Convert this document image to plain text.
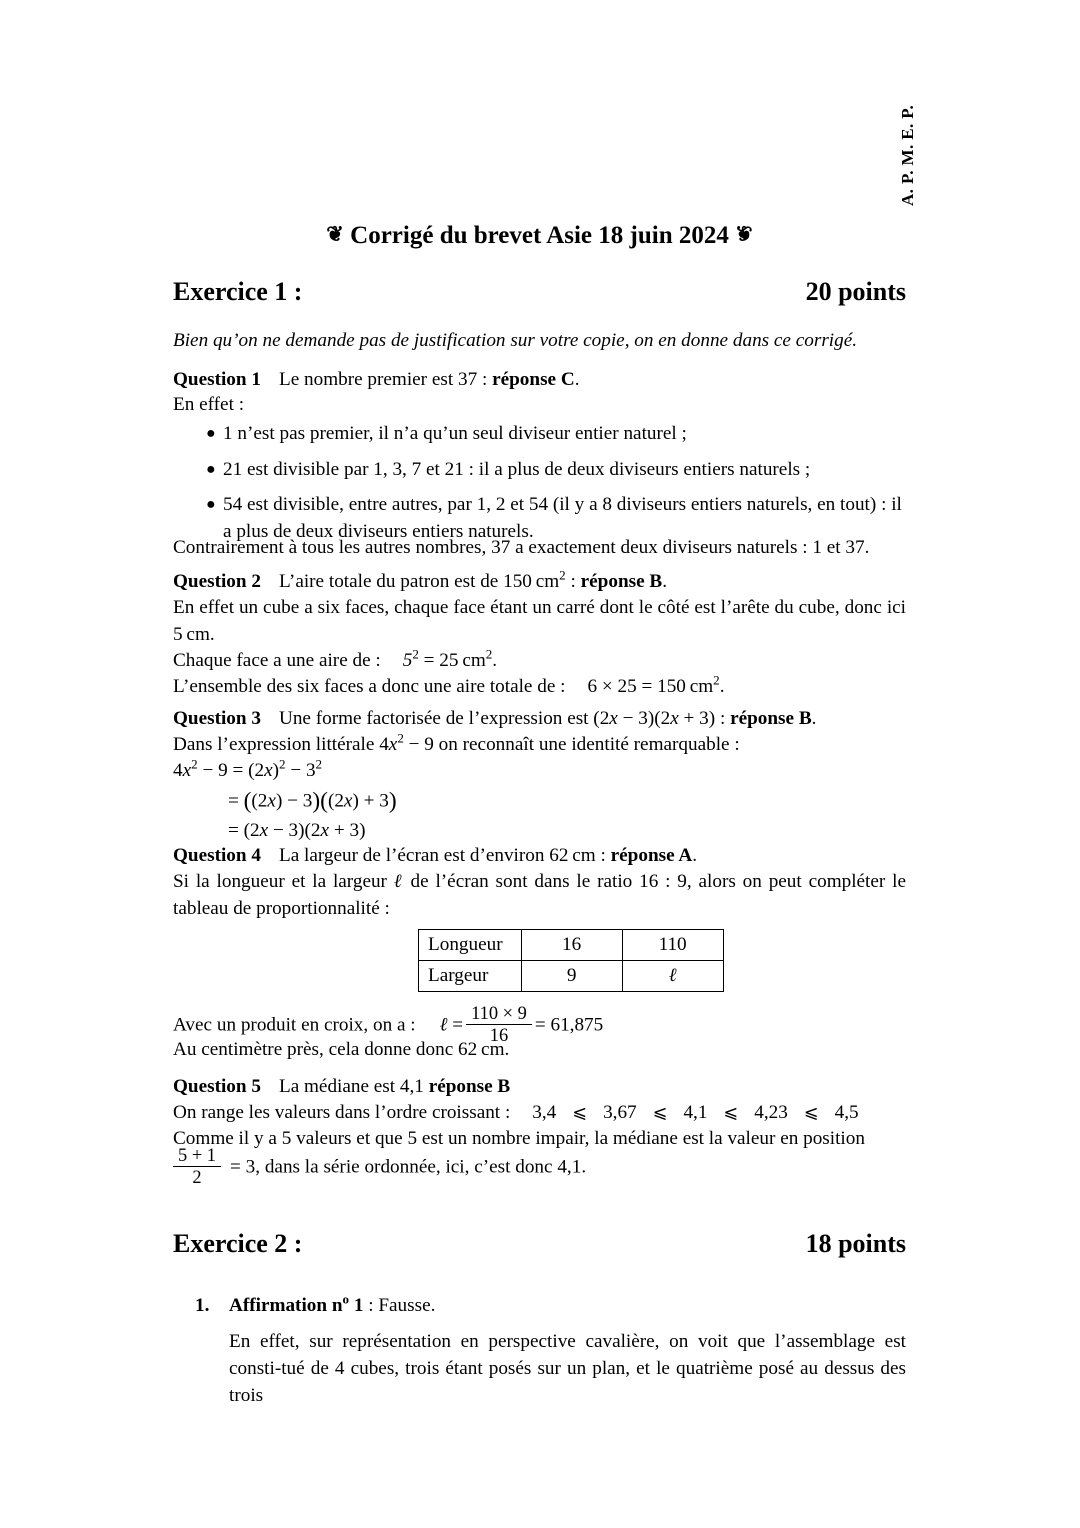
A. P. M. E. P.
❦ Corrigé du brevet Asie 18 juin 2024 ❦
Exercice 1 :	20 points
Bien qu’on ne demande pas de justification sur votre copie, on en donne dans ce corrigé.
Question 1 Le nombre premier est 37 : réponse C.
En effet :
● 1 n’est pas premier, il n’a qu’un seul diviseur entier naturel ;
● 21 est divisible par 1, 3, 7 et 21 : il a plus de deux diviseurs entiers naturels ;
● 54 est divisible, entre autres, par 1, 2 et 54 (il y a 8 diviseurs entiers naturels, en tout) : il a plus de deux diviseurs entiers naturels.
Contrairement à tous les autres nombres, 37 a exactement deux diviseurs naturels : 1 et 37.
Question 2 L’aire totale du patron est de 150 $cm^2$ : réponse B.
En effet un cube a six faces, chaque face étant un carré dont le côté est l’arête du cube, donc ici 5 cm.
Chaque face a une aire de : $5^2 = 25$ $cm^2$.
L’ensemble des six faces a donc une aire totale de : 6 × 25 = 150 $cm^2$.
Question 3 Une forme factorisée de l’expression est (2x − 3)(2x + 3) : réponse B.
Dans l’expression littérale $4x^2 - 9$ on reconnaît une identité remarquable :
$4x^2 - 9 = (2x)^2 - 3^2$
= ((2x) − 3)((2x) + 3)
= (2x − 3)(2x + 3)
Question 4 La largeur de l’écran est d’environ 62 cm : réponse A.
Si la longueur et la largeur ℓ de l’écran sont dans le ratio 16 : 9, alors on peut compléter le tableau de proportionnalité :
Longueur	16	110
Largeur	9	ℓ
Avec un produit en croix, on a : ℓ = $\frac{110 \times 9}{16} = 61,875$
Au centimètre près, cela donne donc 62 cm.
Question 5 La médiane est 4,1 réponse B
On range les valeurs dans l’ordre croissant : 3,4 ⩽ 3,67 ⩽ 4,1 ⩽ 4,23 ⩽ 4,5
Comme il y a 5 valeurs et que 5 est un nombre impair, la médiane est la valeur en position
$\frac{5 + 1}{2} = 3$, dans la série ordonnée, ici, c’est donc 4,1.
Exercice 2 :	18 points
1. Affirmation $n^o$ 1 : Fausse.
En effet, sur représentation en perspective cavalière, on voit que l’assemblage est consti-tué de 4 cubes, trois étant posés sur un plan, et le quatrième posé au dessus des trois
